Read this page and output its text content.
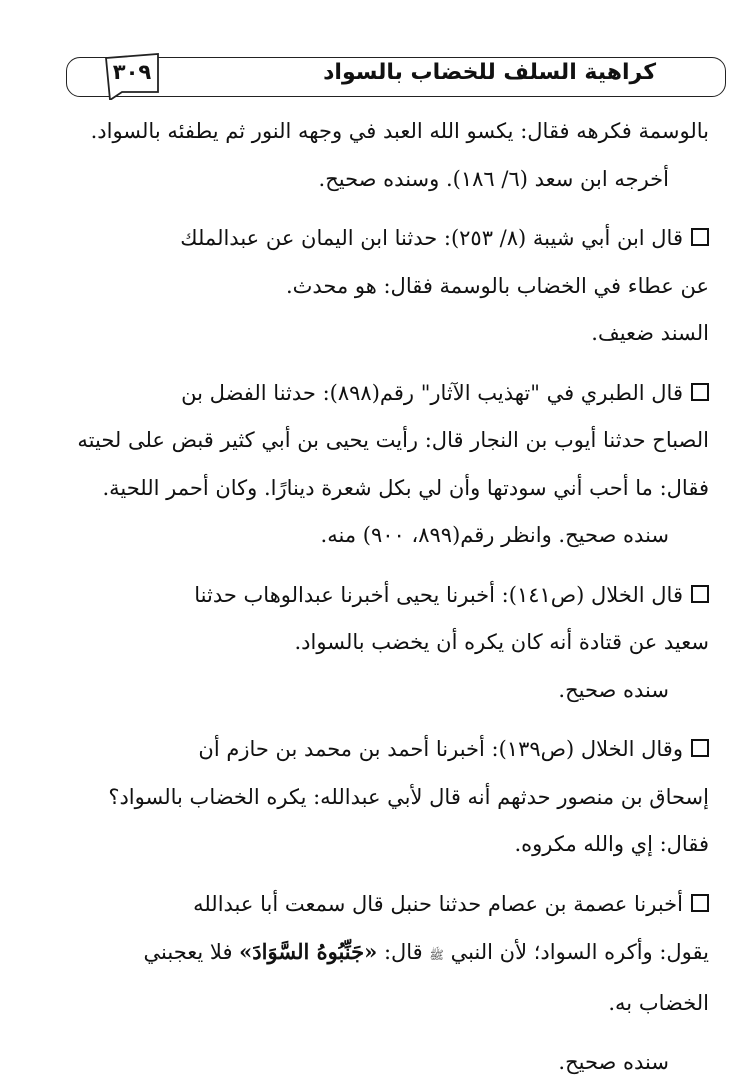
٣٠٩	كراهية السلف للخضاب بالسواد
بالوسمة فكرهه فقال: يكسو الله العبد في وجهه النور ثم يطفئه بالسواد.
أخرجه ابن سعد (٦/ ١٨٦). وسنده صحيح.
قال ابن أبي شيبة (٨/ ٢٥٣): حدثنا ابن اليمان عن عبدالملك
عن عطاء في الخضاب بالوسمة فقال: هو محدث.
السند ضعيف.
قال الطبري في "تهذيب الآثار" رقم(٨٩٨): حدثنا الفضل بن
الصباح حدثنا أيوب بن النجار قال: رأيت يحيى بن أبي كثير قبض على لحيته
فقال: ما أحب أني سودتها وأن لي بكل شعرة دينارًا. وكان أحمر اللحية.
سنده صحيح. وانظر رقم(٨٩٩، ٩٠٠) منه.
قال الخلال (ص١٤١): أخبرنا يحيى أخبرنا عبدالوهاب حدثنا
سعيد عن قتادة أنه كان يكره أن يخضب بالسواد.
سنده صحيح.
وقال الخلال (ص١٣٩): أخبرنا أحمد بن محمد بن حازم أن
إسحاق بن منصور حدثهم أنه قال لأبي عبدالله: يكره الخضاب بالسواد؟
فقال: إي والله مكروه.
أخبرنا عصمة بن عصام حدثنا حنبل قال سمعت أبا عبدالله
يقول: وأكره السواد؛ لأن النبي ﷺ قال: «جَنِّبُوهُ السَّوَادَ» فلا يعجبني
الخضاب به.
سنده صحيح.
